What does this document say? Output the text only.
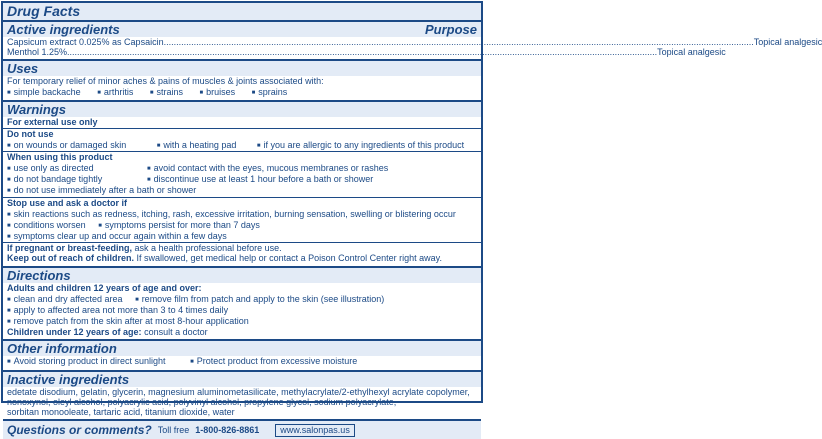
Drug Facts
Active ingredients	Purpose
Capsicum extract 0.025% as Capsaicin .....	Topical analgesic
Menthol 1.25% .....	Topical analgesic
Uses
For temporary relief of minor aches & pains of muscles & joints associated with:
■ simple backache	■ arthritis	■ strains	■ bruises	■ sprains
Warnings
For external use only
Do not use
■ on wounds or damaged skin	■ with a heating pad	■ if you are allergic to any ingredients of this product
When using this product
■ use only as directed	■ avoid contact with the eyes, mucous membranes or rashes
■ do not bandage tightly	■ discontinue use at least 1 hour before a bath or shower
■ do not use immediately after a bath or shower
Stop use and ask a doctor if
■ skin reactions such as redness, itching, rash, excessive irritation, burning sensation, swelling or blistering occur
■ conditions worsen ■ symptoms persist for more than 7 days
■ symptoms clear up and occur again within a few days
If pregnant or breast-feeding, ask a health professional before use.
Keep out of reach of children. If swallowed, get medical help or contact a Poison Control Center right away.
Directions
Adults and children 12 years of age and over:
■ clean and dry affected area ■ remove film from patch and apply to the skin (see illustration)
■ apply to affected area not more than 3 to 4 times daily
■ remove patch from the skin after at most 8-hour application
Children under 12 years of age: consult a doctor
Other information
■ Avoid storing product in direct sunlight	■ Protect product from excessive moisture
Inactive ingredients
edetate disodium, gelatin, glycerin, magnesium aluminometasilicate, methylacrylate/2-ethylhexyl acrylate copolymer,
nonoxynol, oleyl alcohol, polyacrylic acid, polyvinyl alcohol, propylene glycol, sodium polyacrylate,
sorbitan monooleate, tartaric acid, titanium dioxide, water
Questions or comments? Toll free 1-800-826-8861	www.salonpas.us
